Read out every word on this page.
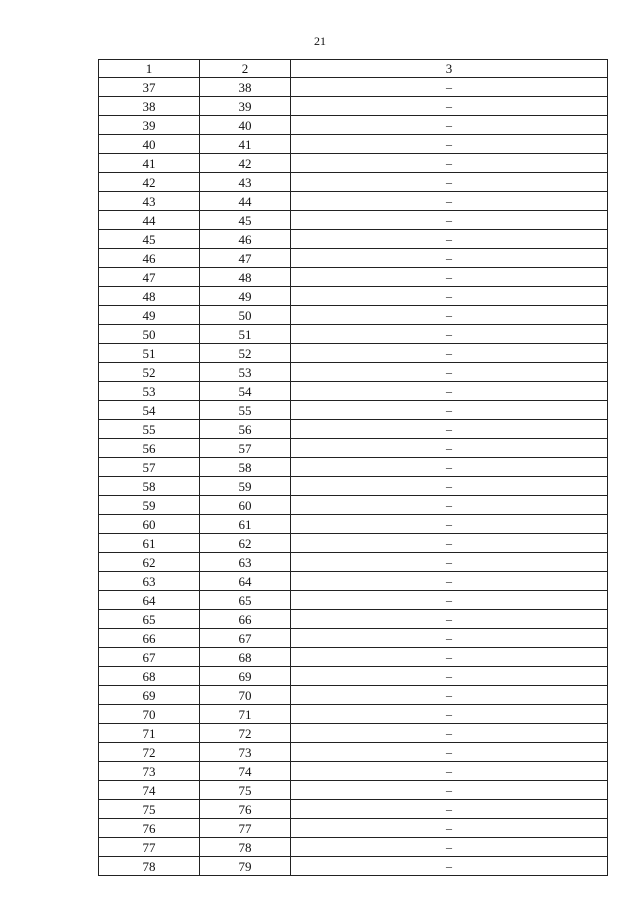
21
1	2	3
37	38	–
38	39	–
39	40	–
40	41	–
41	42	–
42	43	–
43	44	–
44	45	–
45	46	–
46	47	–
47	48	–
48	49	–
49	50	–
50	51	–
51	52	–
52	53	–
53	54	–
54	55	–
55	56	–
56	57	–
57	58	–
58	59	–
59	60	–
60	61	–
61	62	–
62	63	–
63	64	–
64	65	–
65	66	–
66	67	–
67	68	–
68	69	–
69	70	–
70	71	–
71	72	–
72	73	–
73	74	–
74	75	–
75	76	–
76	77	–
77	78	–
78	79	–
